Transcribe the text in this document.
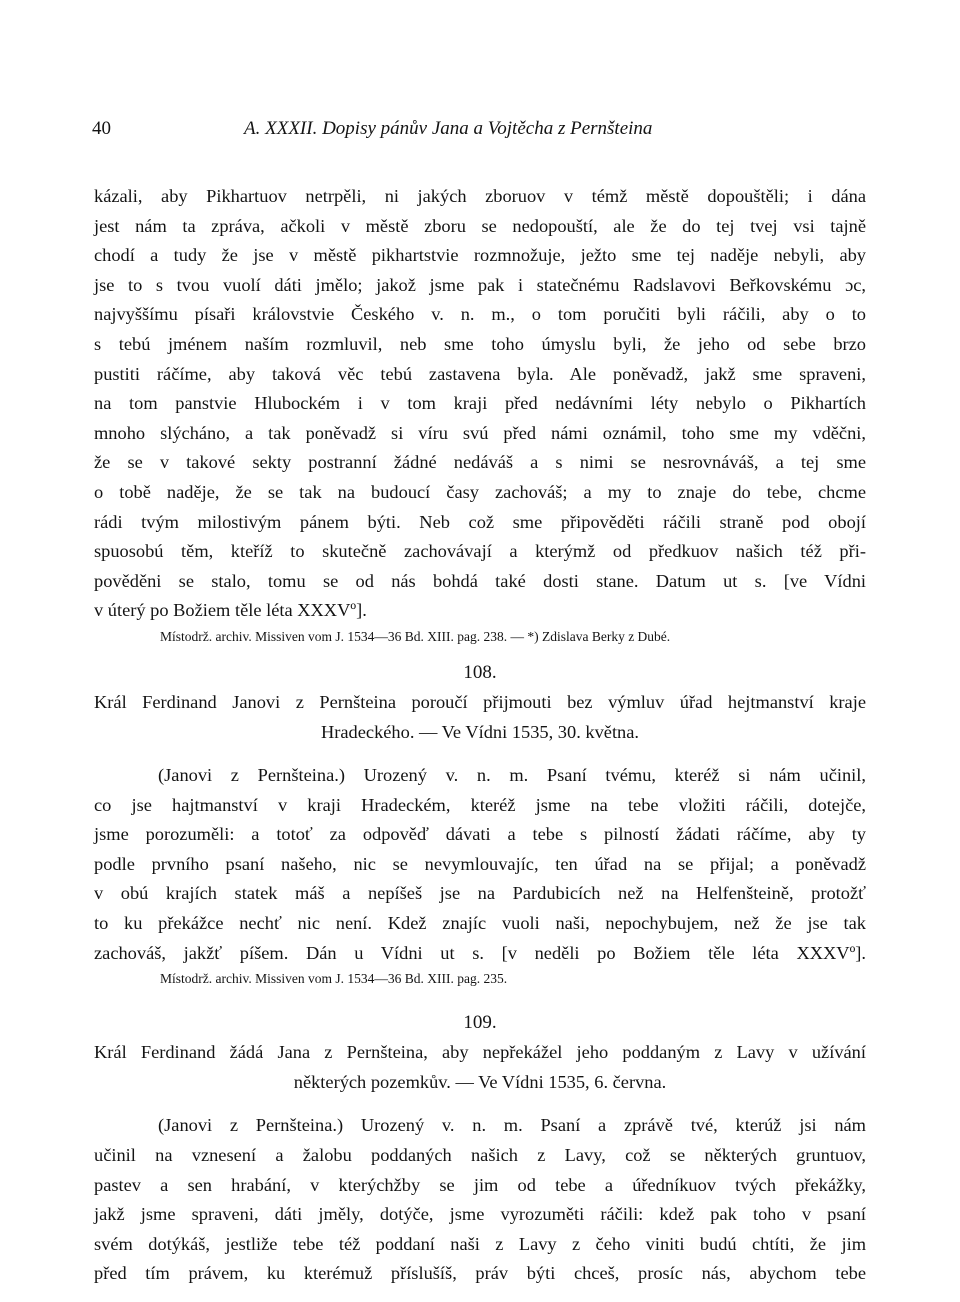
40	A. XXXII. Dopisy pánův Jana a Vojtěcha z Pernšteina
kázali, aby Pikhartuov netrpěli, ni jakých zboruov v témž městě dopouštěli; i dána
jest nám ta zpráva, ačkoli v městě zboru se nedopouští, ale že do tej tvej vsi tajně
chodí a tudy že jse v městě pikhartstvie rozmnožuje, ježto sme tej naděje nebyli, aby
jse to s tvou vuolí dáti jmělo; jakož jsme pak i statečnému Radslavovi Beřkovskému ɔc,
najvyššímu písaři královstvie Českého v. n. m., o tom poručiti byli ráčili, aby o to
s tebú jménem naším rozmluvil, neb sme toho úmyslu byli, že jeho od sebe brzo
pustiti ráčíme, aby taková věc tebú zastavena byla. Ale poněvadž, jakž sme spraveni,
na tom panstvie Hlubockém i v tom kraji před nedávními léty nebylo o Pikhartích
mnoho slýcháno, a tak poněvadž si víru svú před námi oznámil, toho sme my vděčni,
že se v takové sekty postranní žádné nedáváš a s nimi se nesrovnáváš, a tej sme
o tobě naděje, že se tak na budoucí časy zachováš; a my to znaje do tebe, chcme
rádi tvým milostivým pánem býti. Neb což sme připověděti ráčili straně pod obojí
spuosobú těm, kteříž to skutečně zachovávají a kterýmž od předkuov našich též při-
pověděni se stalo, tomu se od nás bohdá také dosti stane. Datum ut s. [ve Vídni
v úterý po Božiem těle léta XXXVº].
Místodrž. archiv. Missiven vom J. 1534—36 Bd. XIII. pag. 238. — *) Zdislava Berky z Dubé.
108.
Král Ferdinand Janovi z Pernšteina poroučí přijmouti bez výmluv úřad hejtmanství kraje
Hradeckého. — Ve Vídni 1535, 30. května.
(Janovi z Pernšteina.) Urozený v. n. m. Psaní tvému, kteréž si nám učinil,
co jse hajtmanství v kraji Hradeckém, kteréž jsme na tebe vložiti ráčili, dotejče,
jsme porozuměli: a totoť za odpověď dávati a tebe s pilností žádati ráčíme, aby ty
podle prvního psaní našeho, nic se nevymlouvajíc, ten úřad na se přijal; a poněvadž
v obú krajích statek máš a nepíšeš jse na Pardubicích než na Helfenšteině, protožť
to ku překážce nechť nic není. Kdež znajíc vuoli naši, nepochybujem, než že jse tak
zachováš, jakžť píšem. Dán u Vídni ut s. [v neděli po Božiem těle léta XXXVº].
Místodrž. archiv. Missiven vom J. 1534—36 Bd. XIII. pag. 235.
109.
Král Ferdinand žádá Jana z Pernšteina, aby nepřekážel jeho poddaným z Lavy v užívání
některých pozemkův. — Ve Vídni 1535, 6. června.
(Janovi z Pernšteina.) Urozený v. n. m. Psaní a zprávě tvé, kterúž jsi nám
učinil na vznesení a žalobu poddaných našich z Lavy, což se některých gruntuov,
pastev a sen hrabání, v kterýchžby se jim od tebe a úředníkuov tvých překážky,
jakž jsme spraveni, dáti jměly, dotýče, jsme vyrozuměti ráčili: kdež pak toho v psaní
svém dotýkáš, jestliže tebe též poddaní naši z Lavy z čeho viniti budú chtíti, že jim
před tím právem, ku kterémuž příslušíš, práv býti chceš, prosíc nás, abychom tebe
